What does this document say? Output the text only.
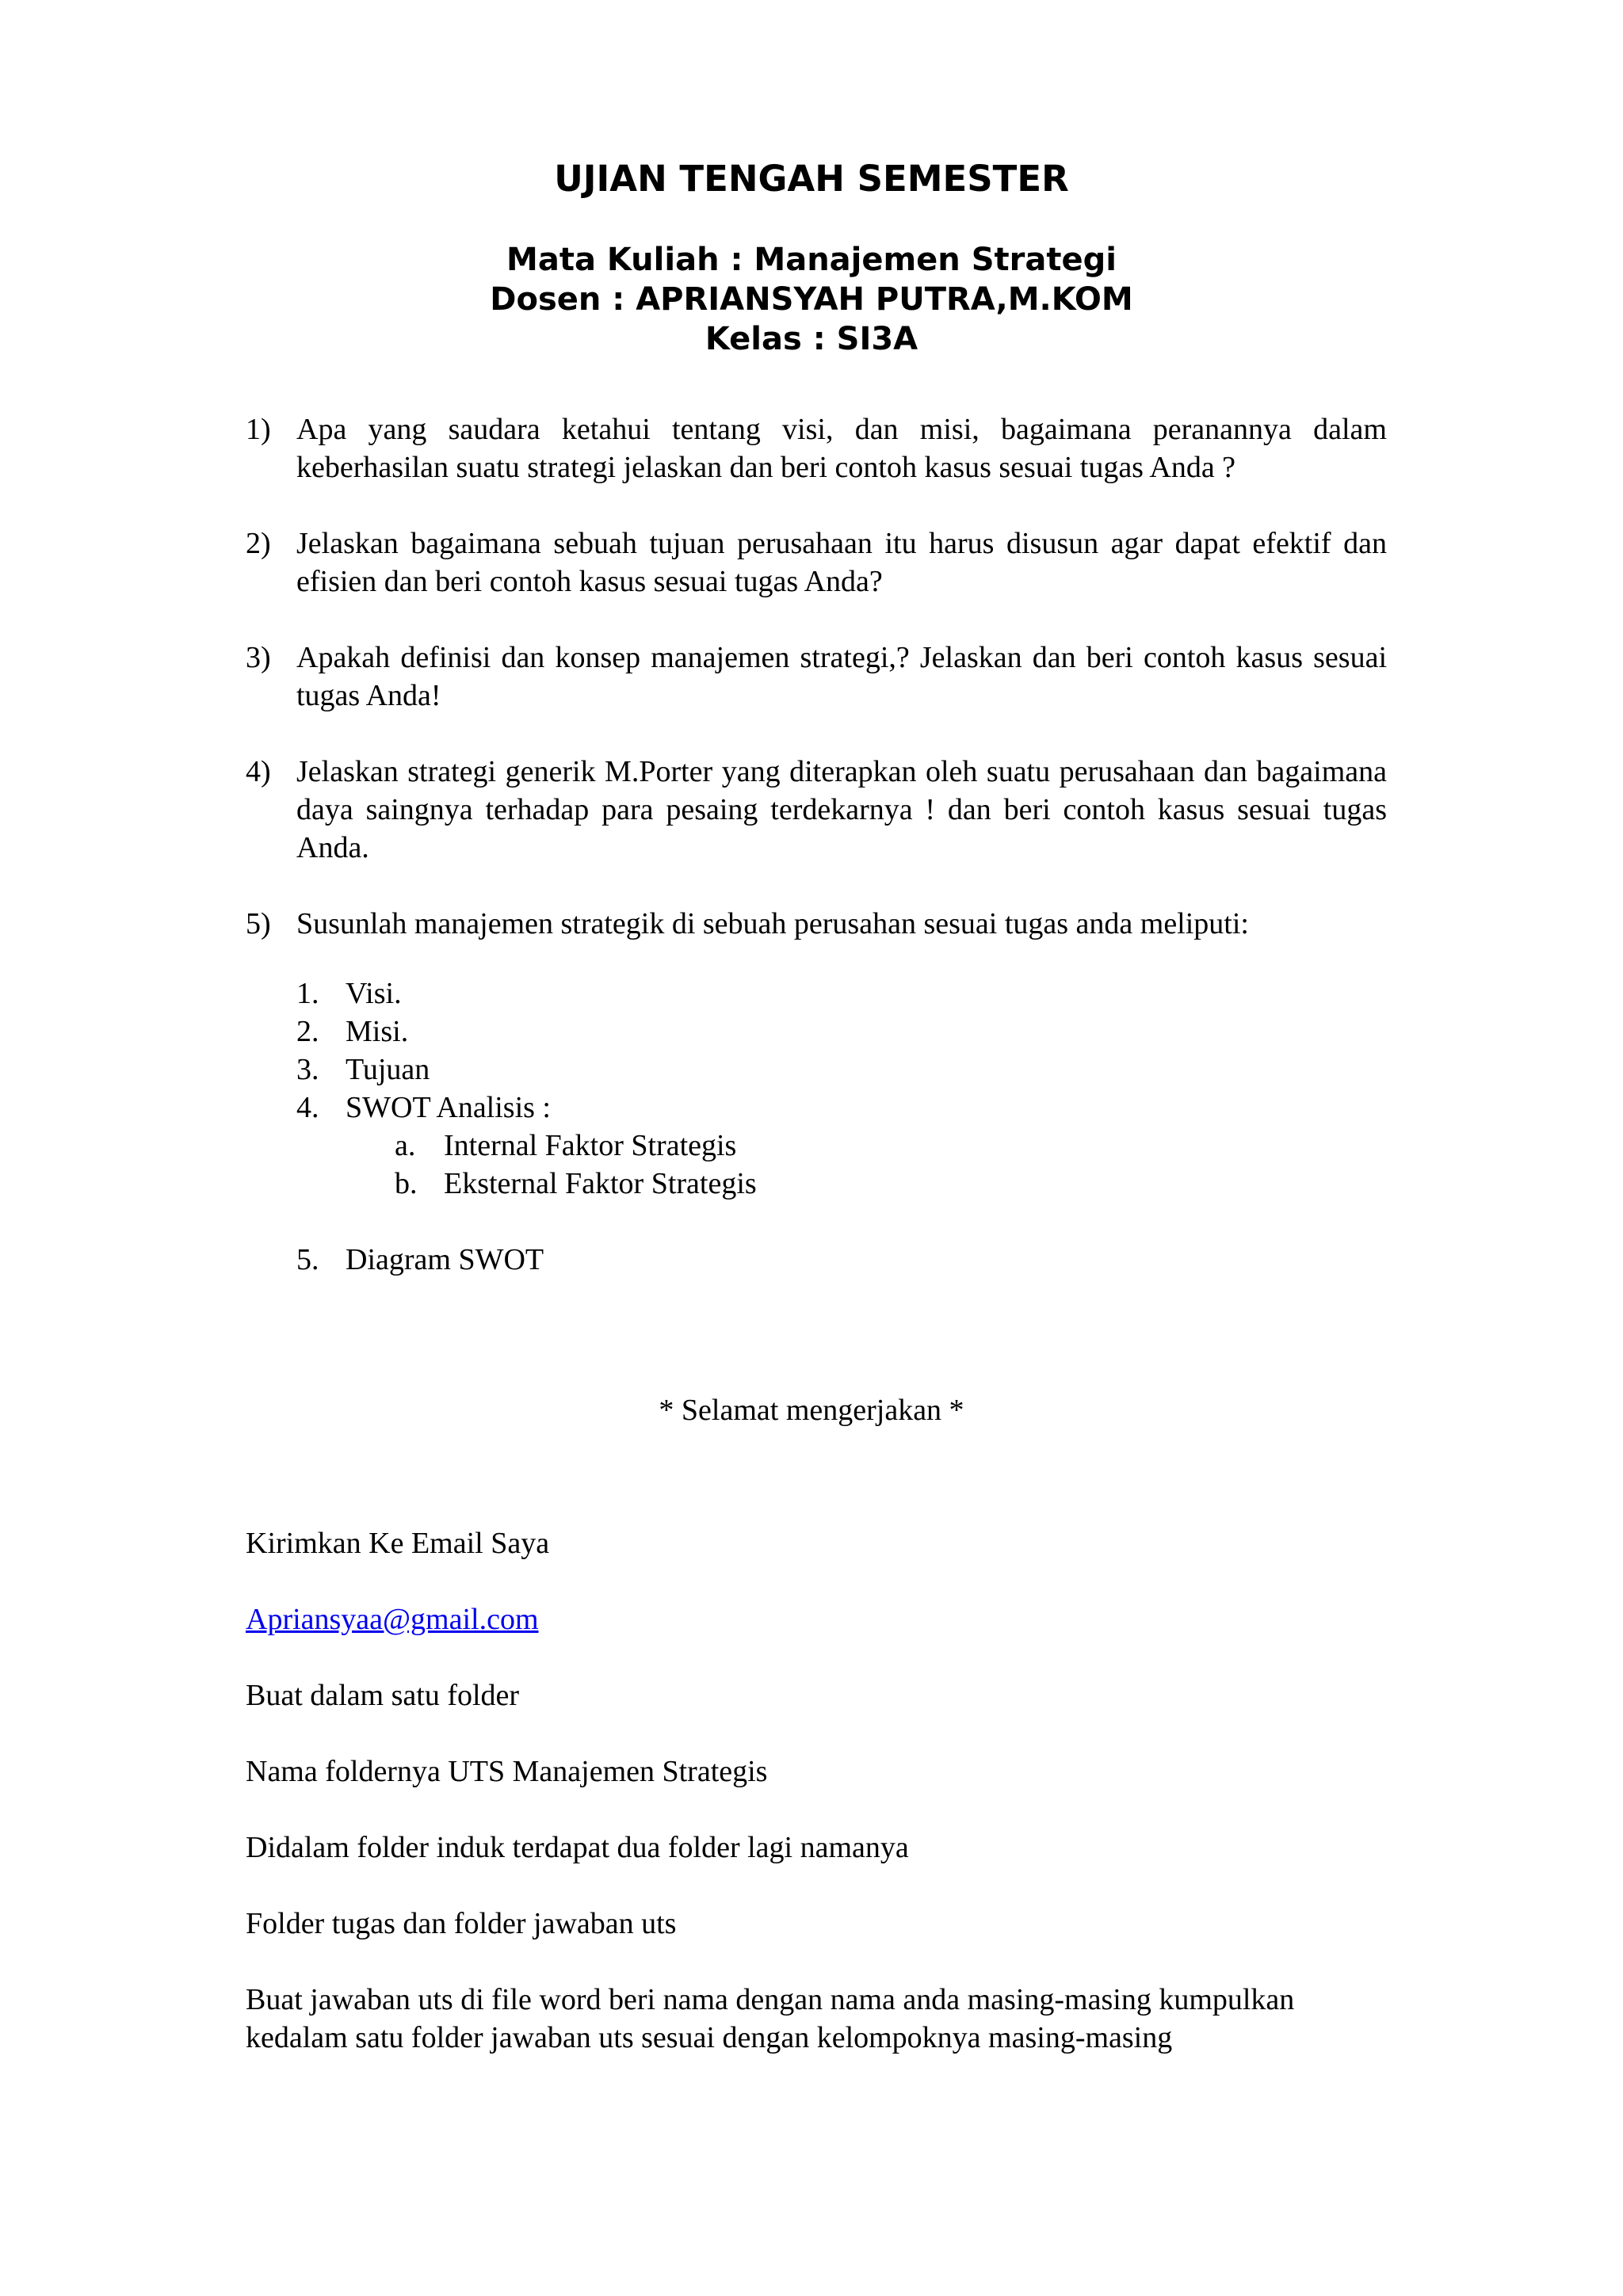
UJIAN TENGAH SEMESTER
Mata Kuliah : Manajemen Strategi
Dosen : APRIANSYAH PUTRA,M.KOM
Kelas : SI3A
1) Apa yang saudara ketahui tentang visi, dan misi, bagaimana peranannya dalam keberhasilan suatu strategi jelaskan dan beri contoh kasus sesuai tugas Anda ?
2) Jelaskan bagaimana sebuah tujuan perusahaan itu harus disusun agar dapat efektif dan efisien dan beri contoh kasus sesuai tugas Anda?
3) Apakah definisi dan konsep manajemen strategi,? Jelaskan dan beri contoh kasus sesuai tugas Anda!
4) Jelaskan strategi generik M.Porter yang diterapkan oleh suatu perusahaan dan bagaimana daya saingnya terhadap para pesaing terdekarnya ! dan beri contoh kasus sesuai tugas Anda.
5) Susunlah manajemen strategik di sebuah perusahan sesuai tugas anda meliputi:
1. Visi.
2. Misi.
3. Tujuan
4. SWOT Analisis :
a. Internal Faktor Strategis
b. Eksternal Faktor Strategis
5. Diagram SWOT
* Selamat mengerjakan *

Kirimkan Ke Email Saya

Apriansyaa@gmail.com

Buat dalam satu folder

Nama foldernya UTS Manajemen Strategis

Didalam folder induk terdapat dua folder lagi namanya

Folder tugas dan folder jawaban uts

Buat jawaban uts di file word beri nama dengan nama anda masing-masing kumpulkan kedalam satu folder jawaban uts sesuai dengan kelompoknya masing-masing
